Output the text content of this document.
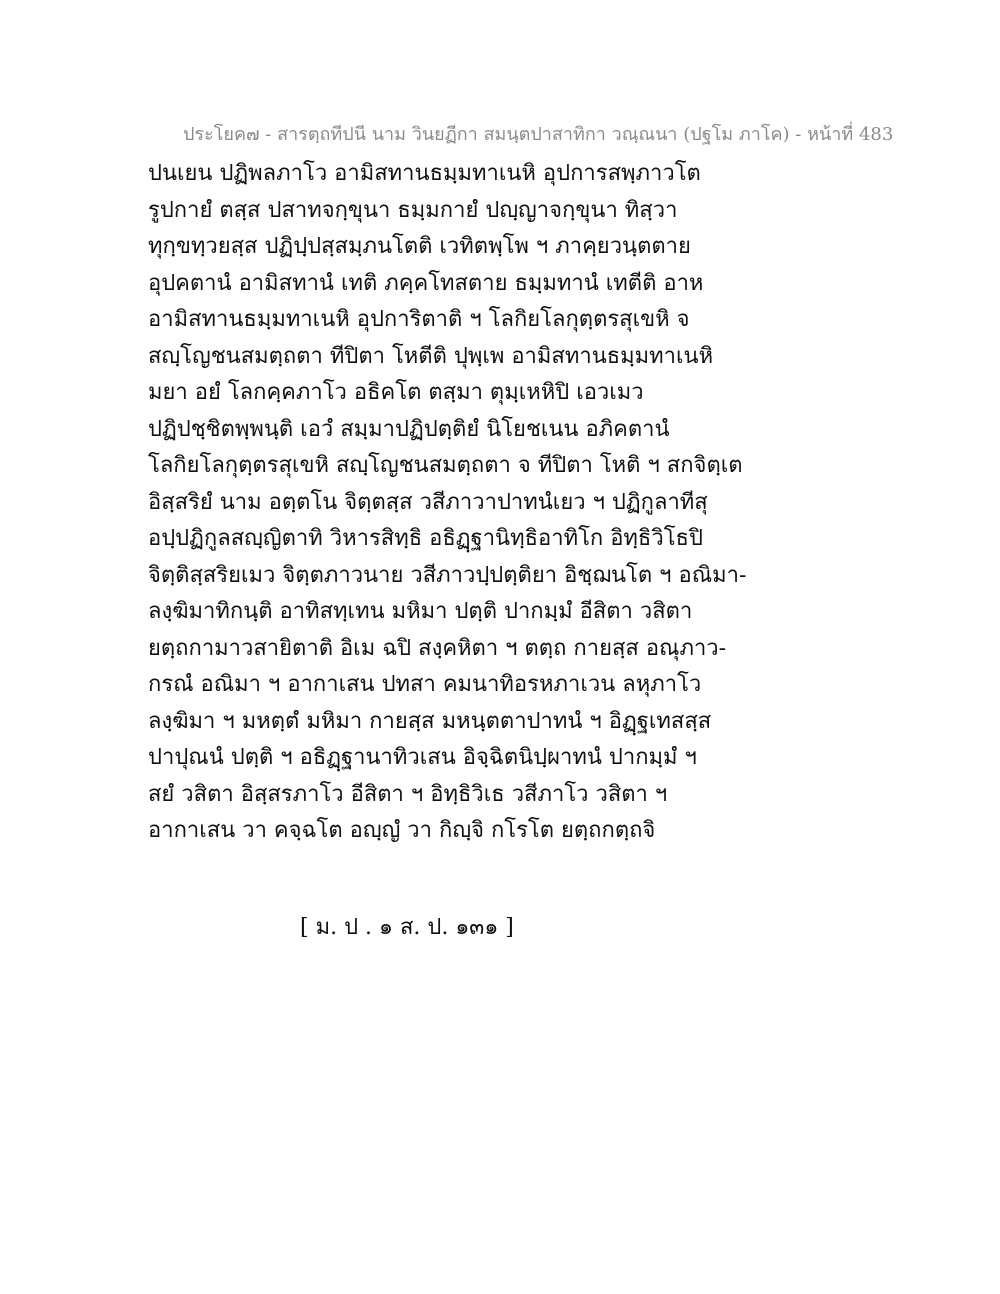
ประโยค๗ - สารตฺถทีปนี นาม วินยฏีกา สมนฺตปาสาทิกา วณฺณนา (ปฐโม ภาโค) - หน้าที่ 483
ปนเยน ปฏิพลภาโว อามิสทานธมฺมทาเนหิ อุปการสพฺภาวโต
รูปกายํ ตสฺส ปสาทจกฺขุนา ธมฺมกายํ ปญฺญาจกฺขุนา ทิสฺวา
ทุกฺขทฺวยสฺส ปฏิปฺปสฺสมฺภนโตติ เวทิตพฺโพ ฯ ภาคฺยวนฺตตาย
อุปคตานํ อามิสทานํ เทติ ภคฺคโทสตาย ธมฺมทานํ เทตีติ อาห
อามิสทานธมฺมทาเนหิ อุปการิตาติ ฯ โลกิยโลกุตฺตรสุเขหิ จ
สญฺโญชนสมตฺถตา ทีปิตา โหตีติ ปุพฺเพ อามิสทานธมฺมทาเนหิ
มยา อยํ โลกคฺคภาโว อธิคโต ตสฺมา ตุมฺเหหิปิ เอวเมว
ปฏิปชฺชิตพฺพนฺติ เอวํ สมฺมาปฏิปตฺติยํ นิโยชเนน อภิคตานํ
โลกิยโลกุตฺตรสุเขหิ สญฺโญชนสมตฺถตา จ ทีปิตา โหติ ฯ สกจิตฺเต
อิสฺสริยํ นาม อตฺตโน จิตฺตสฺส วสีภาวาปาทนํเยว ฯ ปฏิกูลาทีสุ
อปฺปฏิกูลสญฺญิตาทิ วิหารสิทฺธิ อธิฏฺฐานิทฺธิอาทิโก อิทฺธิวิโธปิ
จิตฺติสฺสริยเมว จิตฺตภาวนาย วสีภาวปฺปตฺติยา อิชฺฌนโต ฯ อณิมา-
ลงฺฆิมาทิกนฺติ อาทิสทฺเทน มหิมา ปตฺติ ปากมฺมํ อีสิตา วสิตา
ยตฺถกามาวสายิตาติ อิเม ฉปิ สงฺคหิตา ฯ ตตฺถ กายสฺส อณุภาว-
กรณํ อณิมา ฯ อากาเสน ปทสา คมนาทิอรหภาเวน ลหุภาโว
ลงฺฆิมา ฯ มหตฺตํ มหิมา กายสฺส มหนฺตตาปาทนํ ฯ อิฏฺฐเทสสฺส
ปาปุณนํ ปตฺติ ฯ อธิฏฺฐานาทิวเสน อิจฺฉิตนิปฺผาทนํ ปากมฺมํ ฯ
สยํ วสิตา อิสฺสรภาโว อีสิตา ฯ อิทฺธิวิเธ วสีภาโว วสิตา ฯ
อากาเสน วา คจฺฉโต อญฺญํ วา กิญฺจิ กโรโต ยตฺถกตฺถจิ
[ ม. ป . ๑ ส. ป. ๑๓๑ ]
